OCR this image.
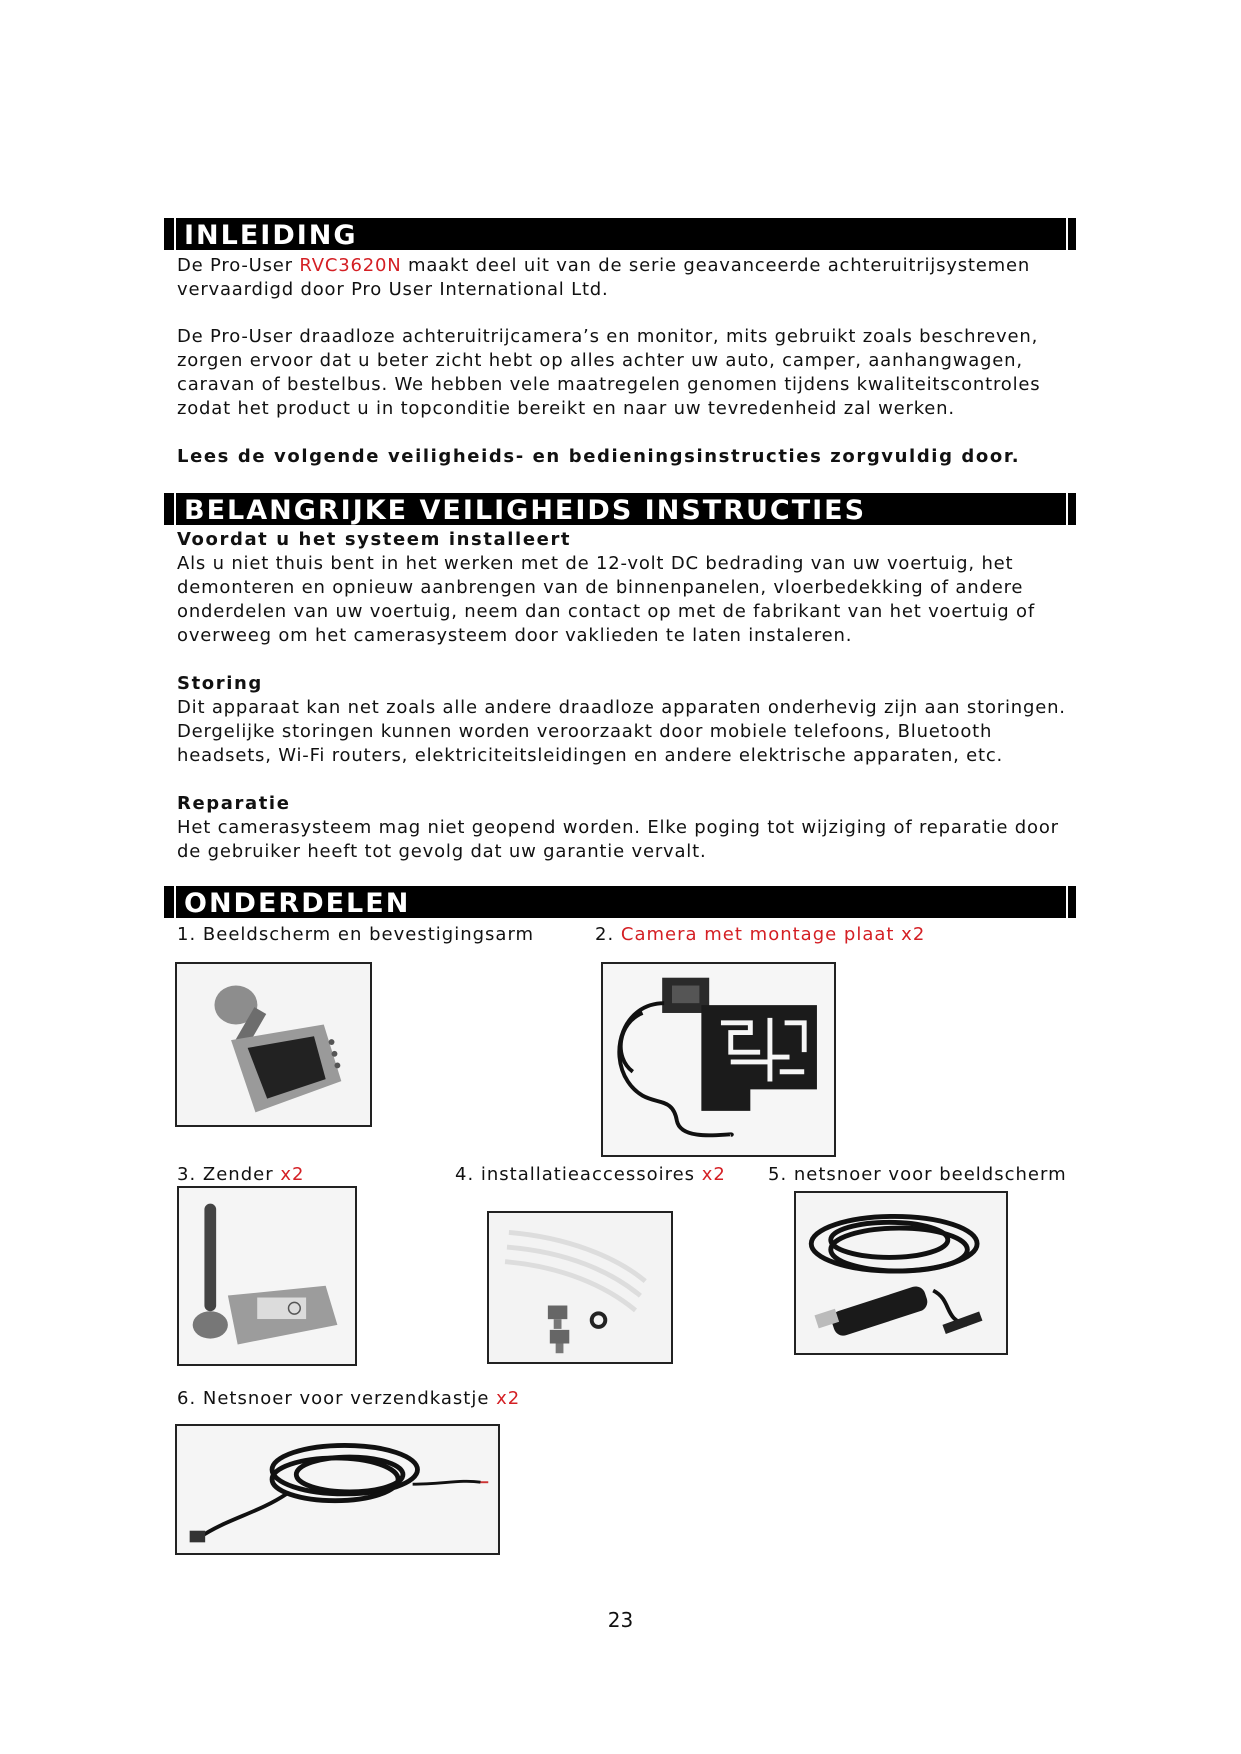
INLEIDING

De Pro-User RVC3620N maakt deel uit van de serie geavanceerde achteruitrijsystemen
vervaardigd door Pro User International Ltd.

De Pro-User draadloze achteruitrijcamera’s en monitor, mits gebruikt zoals beschreven,
zorgen ervoor dat u beter zicht hebt op alles achter uw auto, camper, aanhangwagen,
caravan of bestelbus. We hebben vele maatregelen genomen tijdens kwaliteitscontroles
zodat het product u in topconditie bereikt en naar uw tevredenheid zal werken.

Lees de volgende veiligheids- en bedieningsinstructies zorgvuldig door.

BELANGRIJKE VEILIGHEIDS INSTRUCTIES
Voordat u het systeem installeert

Als u niet thuis bent in het werken met de 12-volt DC bedrading van uw voertuig, het
demonteren en opnieuw aanbrengen van de binnenpanelen, vloerbedekking of andere
onderdelen van uw voertuig, neem dan contact op met de fabrikant van het voertuig of
overweeg om het camerasysteem door vaklieden te laten instaleren.

Storing

Dit apparaat kan net zoals alle andere draadloze apparaten onderhevig zijn aan storingen.
Dergelijke storingen kunnen worden veroorzaakt door mobiele telefoons, Bluetooth
headsets, Wi-Fi routers, elektriciteitsleidingen en andere elektrische apparaten, etc.

Reparatie

Het camerasysteem mag niet geopend worden. Elke poging tot wijziging of reparatie door
de gebruiker heeft tot gevolg dat uw garantie vervalt.

ONDERDELEN
1. Beeldscherm en bevestigingsarm	2. Camera met montage plaat x2
3. Zender x2	4. installatieaccessoires x2 5. netsnoer voor beeldscherm
6. Netsnoer voor verzendkastje x2
23
